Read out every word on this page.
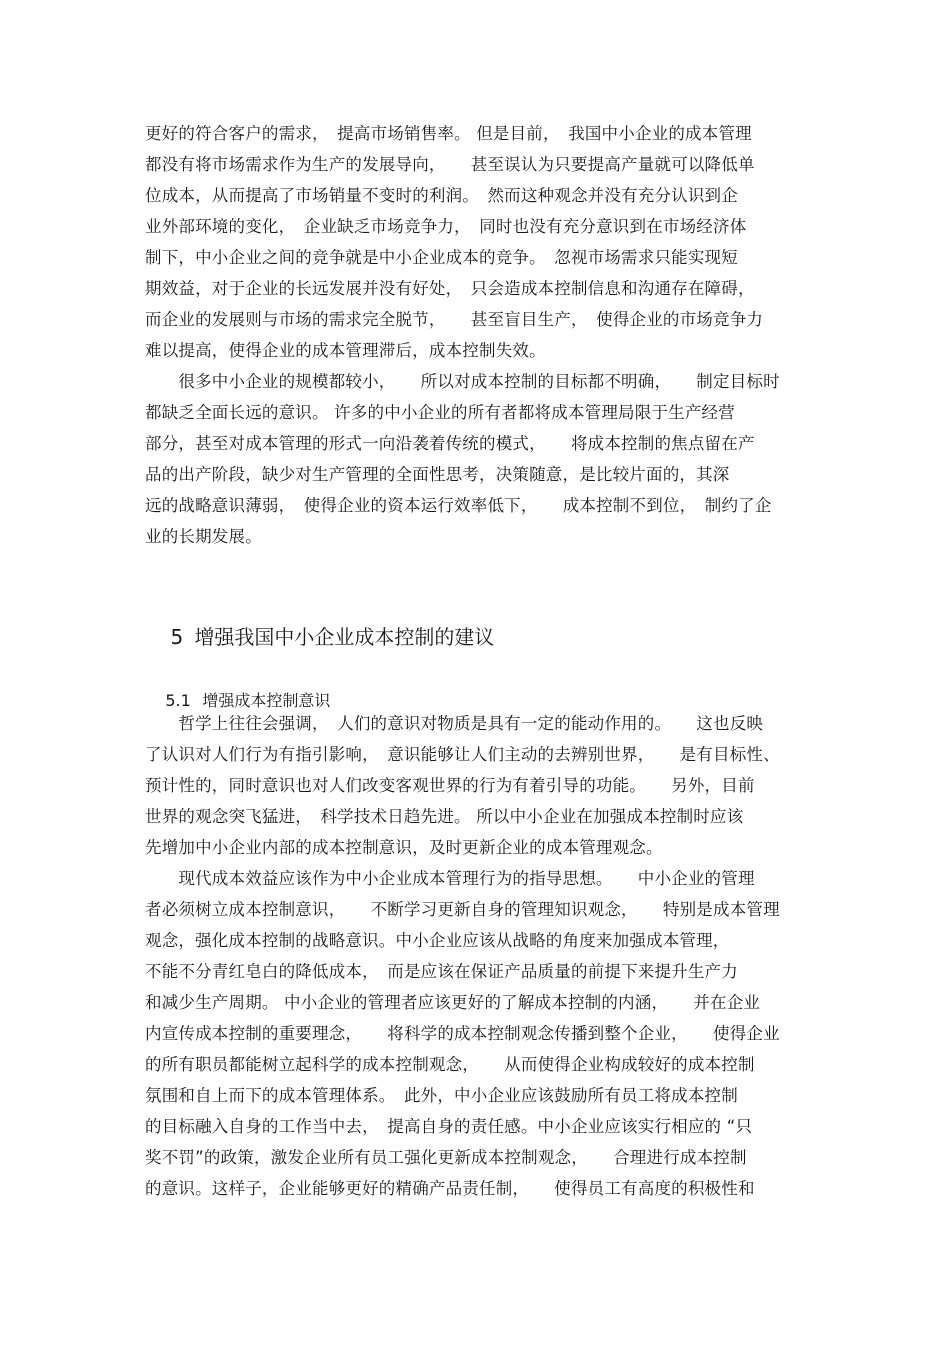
更好的符合客户的需求，　提高市场销售率。 但是目前，　我国中小企业的成本管理
都没有将市场需求作为生产的发展导向，　　甚至误认为只要提高产量就可以降低单
位成本，从而提高了市场销量不变时的利润。　然而这种观念并没有充分认识到企
业外部环境的变化，　企业缺乏市场竞争力，　同时也没有充分意识到在市场经济体
制下，中小企业之间的竞争就是中小企业成本的竞争。　忽视市场需求只能实现短
期效益，对于企业的长远发展并没有好处，　只会造成本控制信息和沟通存在障碍，
而企业的发展则与市场的需求完全脱节，　　甚至盲目生产，　使得企业的市场竞争力
难以提高，使得企业的成本管理滞后，成本控制失效。
　　很多中小企业的规模都较小，　　所以对成本控制的目标都不明确，　　制定目标时
都缺乏全面长远的意识。 许多的中小企业的所有者都将成本管理局限于生产经营
部分，甚至对成本管理的形式一向沿袭着传统的模式，　　将成本控制的焦点留在产
品的出产阶段，缺少对生产管理的全面性思考，决策随意，是比较片面的，其深
远的战略意识薄弱，　使得企业的资本运行效率低下，　　成本控制不到位，　制约了企
业的长期发展。

5 增强我国中小企业成本控制的建议

5.1 增强成本控制意识

　　哲学上往往会强调，　人们的意识对物质是具有一定的能动作用的。　　这也反映
了认识对人们行为有指引影响，　意识能够让人们主动的去辨别世界，　　是有目标性、
预计性的，同时意识也对人们改变客观世界的行为有着引导的功能。　　另外，目前
世界的观念突飞猛进，　科学技术日趋先进。 所以中小企业在加强成本控制时应该
先增加中小企业内部的成本控制意识，及时更新企业的成本管理观念。
　　现代成本效益应该作为中小企业成本管理行为的指导思想。　　中小企业的管理
者必须树立成本控制意识，　　不断学习更新自身的管理知识观念，　　特别是成本管理
观念，强化成本控制的战略意识。中小企业应该从战略的角度来加强成本管理，
不能不分青红皂白的降低成本，　而是应该在保证产品质量的前提下来提升生产力
和减少生产周期。 中小企业的管理者应该更好的了解成本控制的内涵，　　并在企业
内宣传成本控制的重要理念，　　将科学的成本控制观念传播到整个企业，　　使得企业
的所有职员都能树立起科学的成本控制观念，　　从而使得企业构成较好的成本控制
氛围和自上而下的成本管理体系。　此外，中小企业应该鼓励所有员工将成本控制
的目标融入自身的工作当中去，　提高自身的责任感。中小企业应该实行相应的 “只
奖不罚”的政策，激发企业所有员工强化更新成本控制观念，　　合理进行成本控制
的意识。这样子，企业能够更好的精确产品责任制，　　使得员工有高度的积极性和
